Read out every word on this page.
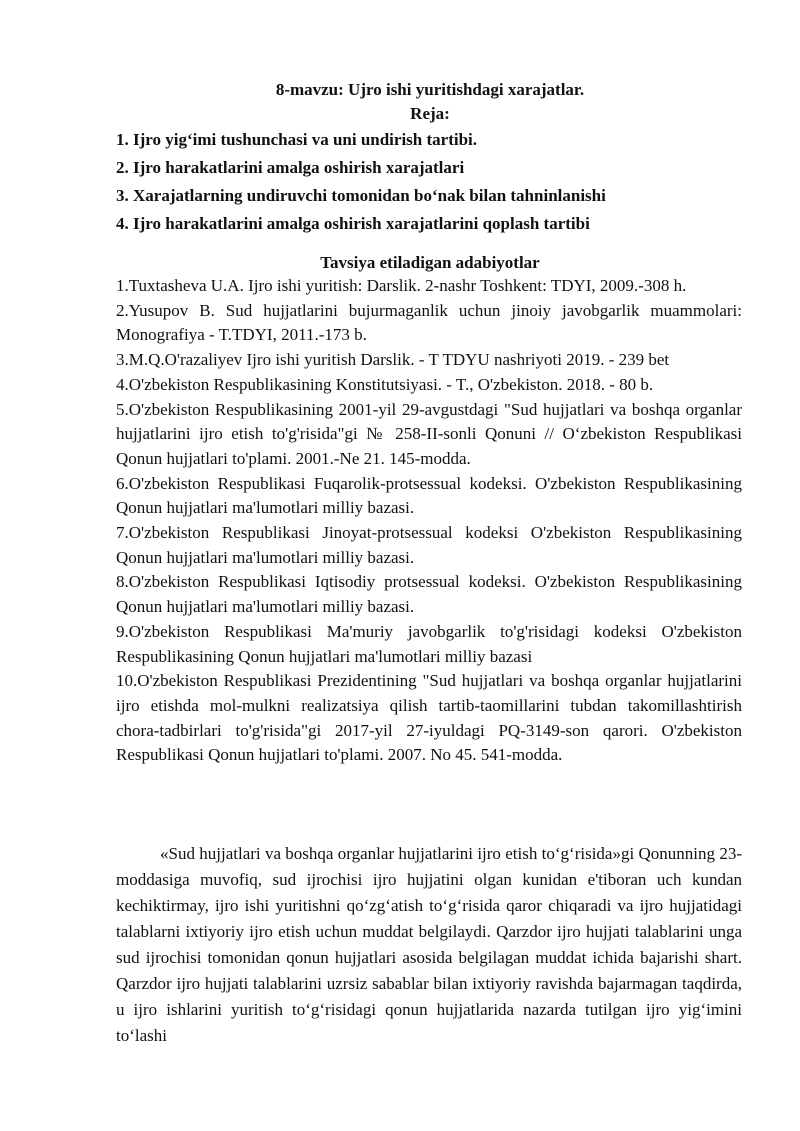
8-mavzu: Ujro ishi yuritishdagi xarajatlar.
Reja:
1. Ijro yig‘imi tushunchasi va uni undirish tartibi.
2. Ijro harakatlarini amalga oshirish xarajatlari
3. Xarajatlarning undiruvchi tomonidan bo‘nak bilan tahninlanishi
4. Ijro harakatlarini amalga oshirish xarajatlarini qoplash tartibi
Tavsiya etiladigan adabiyotlar

1.Tuxtasheva U.A. Ijro ishi yuritish: Darslik. 2-nashr Toshkent: TDYI, 2009.-308 h.

2.Yusupov B. Sud hujjatlarini bujurmaganlik uchun jinoiy javobgarlik muammolari: Monografiya - T.TDYI, 2011.-173 b.

3.M.Q.O'razaliyev Ijro ishi yuritish Darslik. - T TDYU nashriyoti 2019. - 239 bet

4.O'zbekiston Respublikasining Konstitutsiyasi. - T., O'zbekiston. 2018. - 80 b.

5.O'zbekiston Respublikasining 2001-yil 29-avgustdagi "Sud hujjatlari va boshqa organlar hujjatlarini ijro etish to'g'risida"gi № 258-II-sonli Qonuni // O‘zbekiston Respublikasi Qonun hujjatlari to'plami. 2001.-Ne 21. 145-modda.

6.O'zbekiston Respublikasi Fuqarolik-protsessual kodeksi. O'zbekiston Respublikasining Qonun hujjatlari ma'lumotlari milliy bazasi.

7.O'zbekiston Respublikasi Jinoyat-protsessual kodeksi O'zbekiston Respublikasining Qonun hujjatlari ma'lumotlari milliy bazasi.

8.O'zbekiston Respublikasi Iqtisodiy protsessual kodeksi. O'zbekiston Respublikasining Qonun hujjatlari ma'lumotlari milliy bazasi.

9.O'zbekiston Respublikasi Ma'muriy javobgarlik to'g'risidagi kodeksi O'zbekiston Respublikasining Qonun hujjatlari ma'lumotlari milliy bazasi

10.O'zbekiston Respublikasi Prezidentining "Sud hujjatlari va boshqa organlar hujjatlarini ijro etishda mol-mulkni realizatsiya qilish tartib-taomillarini tubdan takomillashtirish chora-tadbirlari to'g'risida"gi 2017-yil 27-iyuldagi PQ-3149-son qarori. O'zbekiston Respublikasi Qonun hujjatlari to'plami. 2007. No 45. 541-modda.

«Sud hujjatlari va boshqa organlar hujjatlarini ijro etish to‘g‘risida»gi Qonunning 23-moddasiga muvofiq, sud ijrochisi ijro hujjatini olgan kunidan e'tiboran uch kundan kechiktirmay, ijro ishi yuritishni qo‘zg‘atish to‘g‘risida qaror chiqaradi va ijro hujjatidagi talablarni ixtiyoriy ijro etish uchun muddat belgilaydi. Qarzdor ijro hujjati talablarini unga sud ijrochisi tomonidan qonun hujjatlari asosida belgilagan muddat ichida bajarishi shart. Qarzdor ijro hujjati talablarini uzrsiz sabablar bilan ixtiyoriy ravishda bajarmagan taqdirda, u ijro ishlarini yuritish to‘g‘risidagi qonun hujjatlarida nazarda tutilgan ijro yig‘imini to‘lashi
